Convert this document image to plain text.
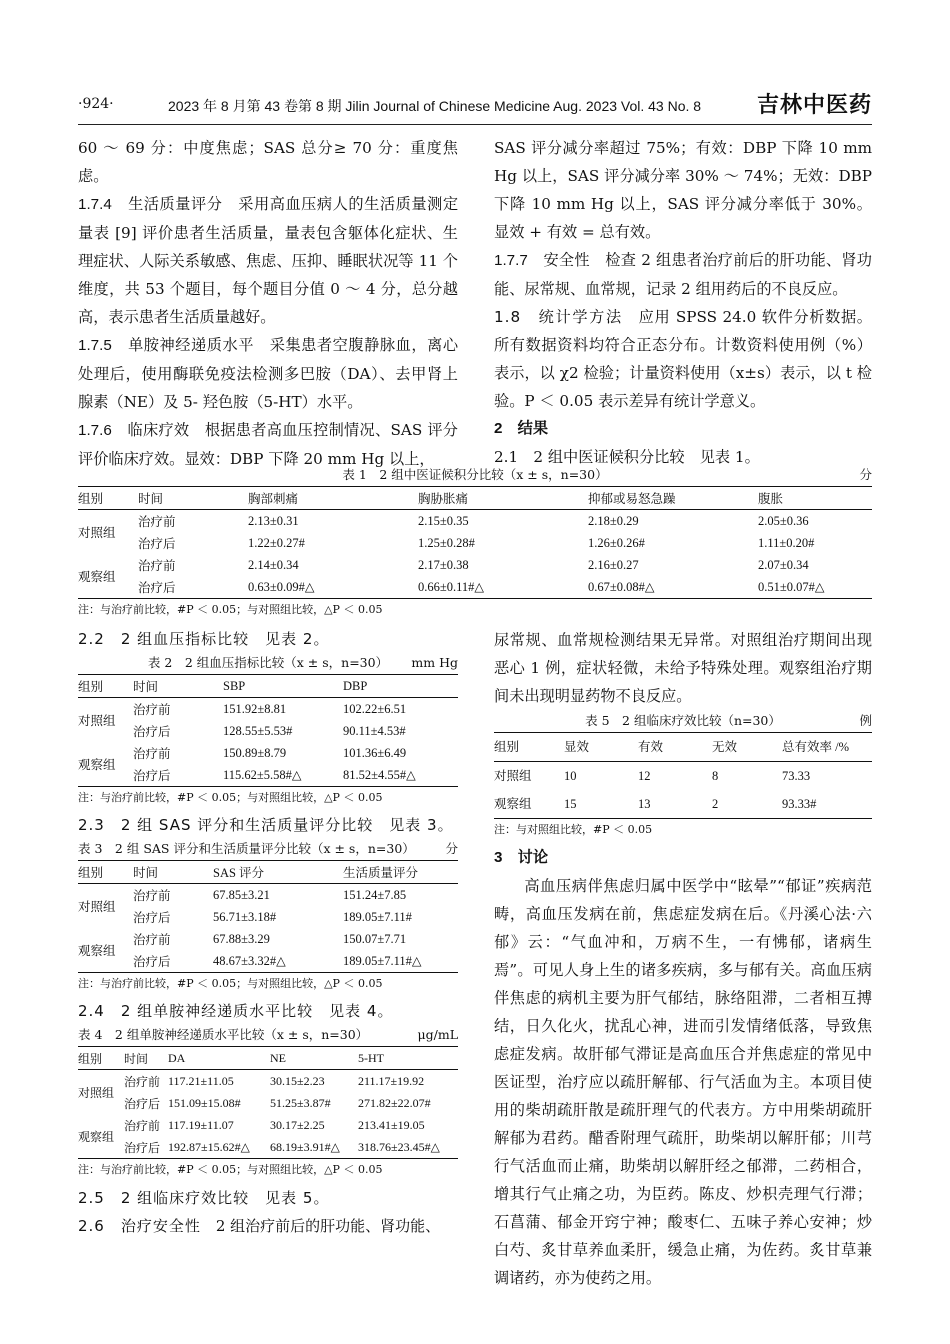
·924·	2023 年 8 月第 43 卷第 8 期 Jilin Journal of Chinese Medicine Aug. 2023 Vol. 43 No. 8	吉林中医药

60 ～ 69 分：中度焦虑；SAS 总分≥ 70 分：重度焦虑。

1.7.4　生活质量评分　采用高血压病人的生活质量测定量表 [9] 评价患者生活质量，量表包含躯体化症状、生理症状、人际关系敏感、焦虑、压抑、睡眠状况等 11 个维度，共 53 个题目，每个题目分值 0 ～ 4 分，总分越高，表示患者生活质量越好。

1.7.5　单胺神经递质水平　采集患者空腹静脉血，离心处理后，使用酶联免疫法检测多巴胺（DA）、去甲肾上腺素（NE）及 5- 羟色胺（5-HT）水平。

1.7.6　临床疗效　根据患者高血压控制情况、SAS 评分评价临床疗效。显效：DBP 下降 20 mm Hg 以上，

SAS 评分减分率超过 75%；有效：DBP 下降 10 mm Hg 以上，SAS 评分减分率 30% ～ 74%；无效：DBP 下降 10 mm Hg 以上，SAS 评分减分率低于 30%。显效 + 有效 = 总有效。

1.7.7　安全性　检查 2 组患者治疗前后的肝功能、肾功能、尿常规、血常规，记录 2 组用药后的不良反应。

1.8　统计学方法　应用 SPSS 24.0 软件分析数据。所有数据资料均符合正态分布。计数资料使用例（%）表示，以 χ2 检验；计量资料使用（x±s）表示，以 t 检验。P ＜ 0.05 表示差异有统计学意义。

2　结果

2.1　2 组中医证候积分比较　见表 1。

表 1　2 组中医证候积分比较（x ± s，n=30）	分
组别	时间	胸部刺痛	胸胁胀痛	抑郁或易怒急躁	腹胀
对照组	治疗前	2.13±0.31	2.15±0.35	2.18±0.29	2.05±0.36
	治疗后	1.22±0.27#	1.25±0.28#	1.26±0.26#	1.11±0.20#
观察组	治疗前	2.14±0.34	2.17±0.38	2.16±0.27	2.07±0.34
	治疗后	0.63±0.09#△	0.66±0.11#△	0.67±0.08#△	0.51±0.07#△
注：与治疗前比较，#P ＜ 0.05；与对照组比较，△P ＜ 0.05
2.2　2 组血压指标比较　见表 2。
表 2　2 组血压指标比较（x ± s，n=30） mm Hg
组别	时间	SBP	DBP
对照组	治疗前	151.92±8.81	102.22±6.51
	治疗后	128.55±5.53#	90.11±4.53#
观察组	治疗前	150.89±8.79	101.36±6.49
	治疗后	115.62±5.58#△	81.52±4.55#△
注：与治疗前比较，#P ＜ 0.05；与对照组比较，△P ＜ 0.05
2.3　2 组 SAS 评分和生活质量评分比较　见表 3。
表 3　2 组 SAS 评分和生活质量评分比较（x ± s，n=30） 分
组别	时间	SAS 评分	生活质量评分
对照组	治疗前	67.85±3.21	151.24±7.85
	治疗后	56.71±3.18#	189.05±7.11#
观察组	治疗前	67.88±3.29	150.07±7.71
	治疗后	48.67±3.32#△	189.05±7.11#△
注：与治疗前比较，#P ＜ 0.05；与对照组比较，△P ＜ 0.05
2.4　2 组单胺神经递质水平比较　见表 4。
表 4　2 组单胺神经递质水平比较（x ± s，n=30）	μg/mL
组别	时间	DA	NE	5-HT
对照组	治疗前	117.21±11.05	30.15±2.23	211.17±19.92
	治疗后	151.09±15.08#	51.25±3.87#	271.82±22.07#
观察组	治疗前	117.19±11.07	30.17±2.25	213.41±19.05
	治疗后	192.87±15.62#△	68.19±3.91#△	318.76±23.45#△
注：与治疗前比较，#P ＜ 0.05；与对照组比较，△P ＜ 0.05
2.5　2 组临床疗效比较　见表 5。
2.6　治疗安全性　2 组治疗前后的肝功能、肾功能、

尿常规、血常规检测结果无异常。对照组治疗期间出现恶心 1 例，症状轻微，未给予特殊处理。观察组治疗期间未出现明显药物不良反应。

表 5　2 组临床疗效比较（n=30）	例
组别	显效	有效	无效	总有效率 /%
对照组	10	12	8	73.33
观察组	15	13	2	93.33#
注：与对照组比较，#P ＜ 0.05

3　讨论

高血压病伴焦虑归属中医学中“眩晕”“郁证”疾病范畴，高血压发病在前，焦虑症发病在后。《丹溪心法·六郁》云：“气血冲和，万病不生，一有怫郁，诸病生焉”。可见人身上生的诸多疾病，多与郁有关。高血压病伴焦虑的病机主要为肝气郁结，脉络阻滞，二者相互搏结，日久化火，扰乱心神，进而引发情绪低落，导致焦虑症发病。故肝郁气滞证是高血压合并焦虑症的常见中医证型，治疗应以疏肝解郁、行气活血为主。本项目使用的柴胡疏肝散是疏肝理气的代表方。方中用柴胡疏肝解郁为君药。醋香附理气疏肝，助柴胡以解肝郁；川芎行气活血而止痛，助柴胡以解肝经之郁滞，二药相合，增其行气止痛之功，为臣药。陈皮、炒枳壳理气行滞；石菖蒲、郁金开窍宁神；酸枣仁、五味子养心安神；炒白芍、炙甘草养血柔肝，缓急止痛，为佐药。炙甘草兼调诸药，亦为使药之用。
